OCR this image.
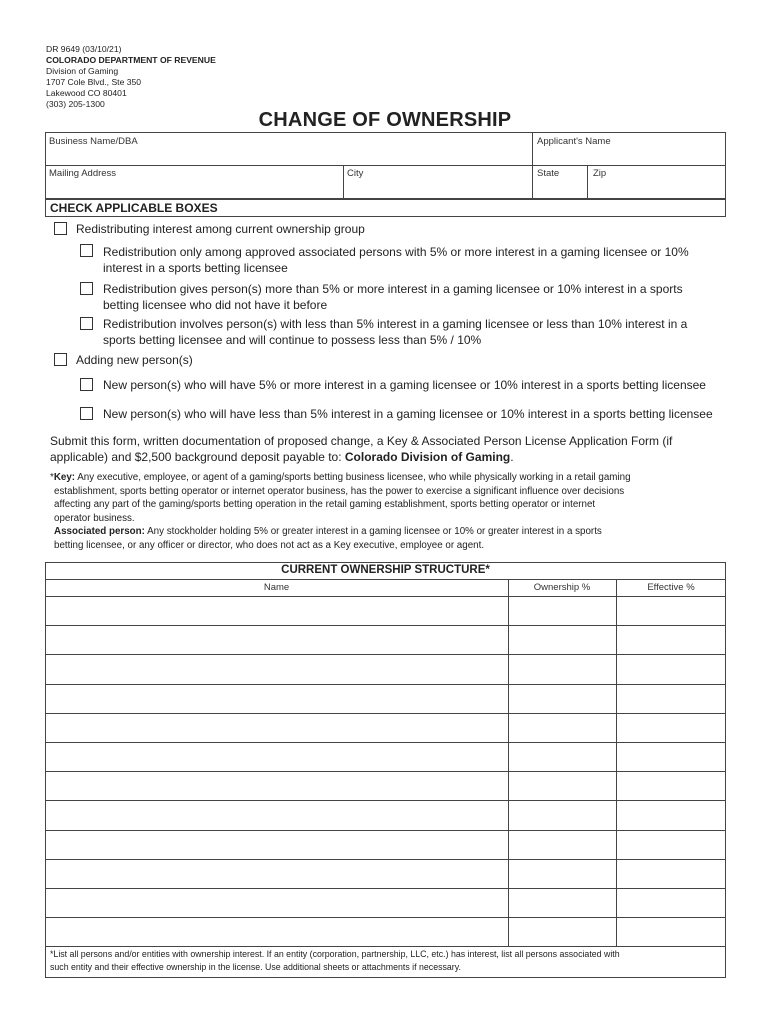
DR 9649 (03/10/21)
COLORADO DEPARTMENT OF REVENUE
Division of Gaming
1707 Cole Blvd., Ste 350
Lakewood CO 80401
(303) 205-1300
CHANGE OF OWNERSHIP
Business Name/DBA	Applicant's Name
Mailing Address	City	State	Zip
CHECK APPLICABLE BOXES
Redistributing interest among current ownership group
Redistribution only among approved associated persons with 5% or more interest in a gaming licensee or 10%
interest in a sports betting licensee
Redistribution gives person(s) more than 5% or more interest in a gaming licensee or 10% interest in a sports
betting licensee who did not have it before
Redistribution involves person(s) with less than 5% interest in a gaming licensee or less than 10% interest in a
sports betting licensee and will continue to possess less than 5% / 10%
Adding new person(s)
New person(s) who will have 5% or more interest in a gaming licensee or 10% interest in a sports betting licensee
New person(s) who will have less than 5% interest in a gaming licensee or 10% interest in a sports betting licensee
Submit this form, written documentation of proposed change, a Key & Associated Person License Application Form (if
applicable) and $2,500 background deposit payable to: Colorado Division of Gaming.
*Key: Any executive, employee, or agent of a gaming/sports betting business licensee, who while physically working in a retail gaming
establishment, sports betting operator or internet operator business, has the power to exercise a significant influence over decisions
affecting any part of the gaming/sports betting operation in the retail gaming establishment, sports betting operator or internet
operator business.
Associated person: Any stockholder holding 5% or greater interest in a gaming licensee or 10% or greater interest in a sports
betting licensee, or any officer or director, who does not act as a Key executive, employee or agent.
CURRENT OWNERSHIP STRUCTURE*
Name	Ownership %	Effective %
*List all persons and/or entities with ownership interest. If an entity (corporation, partnership, LLC, etc.) has interest, list all persons associated with
such entity and their effective ownership in the license. Use additional sheets or attachments if necessary.
